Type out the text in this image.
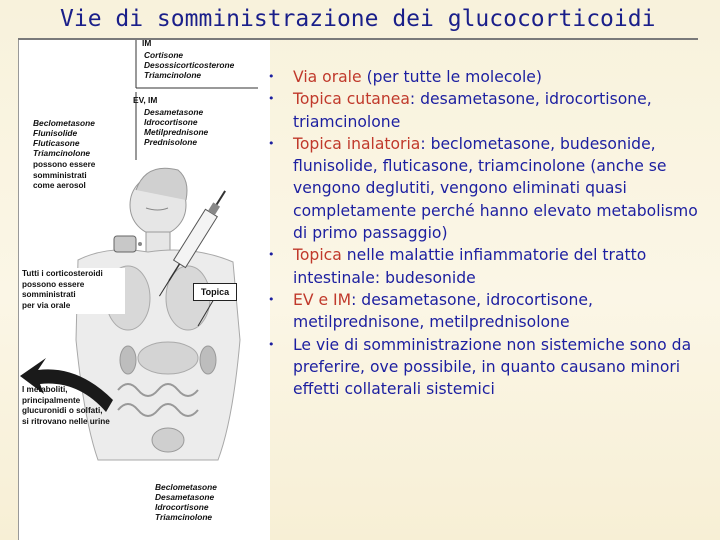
Vie di somministrazione dei glucocorticoidi
IM
Cortisone
Desossicorticosterone
Triamcinolone
EV, IM
Desametasone
Idrocortisone
Metilprednisone
Prednisolone
Beclometasone
Flunisolide
Fluticasone
Triamcinolone
possono essere
somministrati
come aerosol
Tutti i corticosteroidi
possono essere
somministrati
per via orale
Topica
I metaboliti,
principalmente
glucuronidi o solfati,
si ritrovano nelle urine
Beclometasone
Desametasone
Idrocortisone
Triamcinolone
• Via orale (per tutte le molecole)
• Topica cutanea: desametasone, idrocortisone, triamcinolone
• Topica inalatoria: beclometasone, budesonide, flunisolide, fluticasone, triamcinolone (anche se vengono deglutiti, vengono eliminati quasi completamente perché hanno elevato metabolismo di primo passaggio)
• Topica nelle malattie infiammatorie del tratto intestinale: budesonide
• EV e IM: desametasone, idrocortisone, metilprednisone, metilprednisolone
• Le vie di somministrazione non sistemiche sono da preferire, ove possibile, in quanto causano minori effetti collaterali sistemici
